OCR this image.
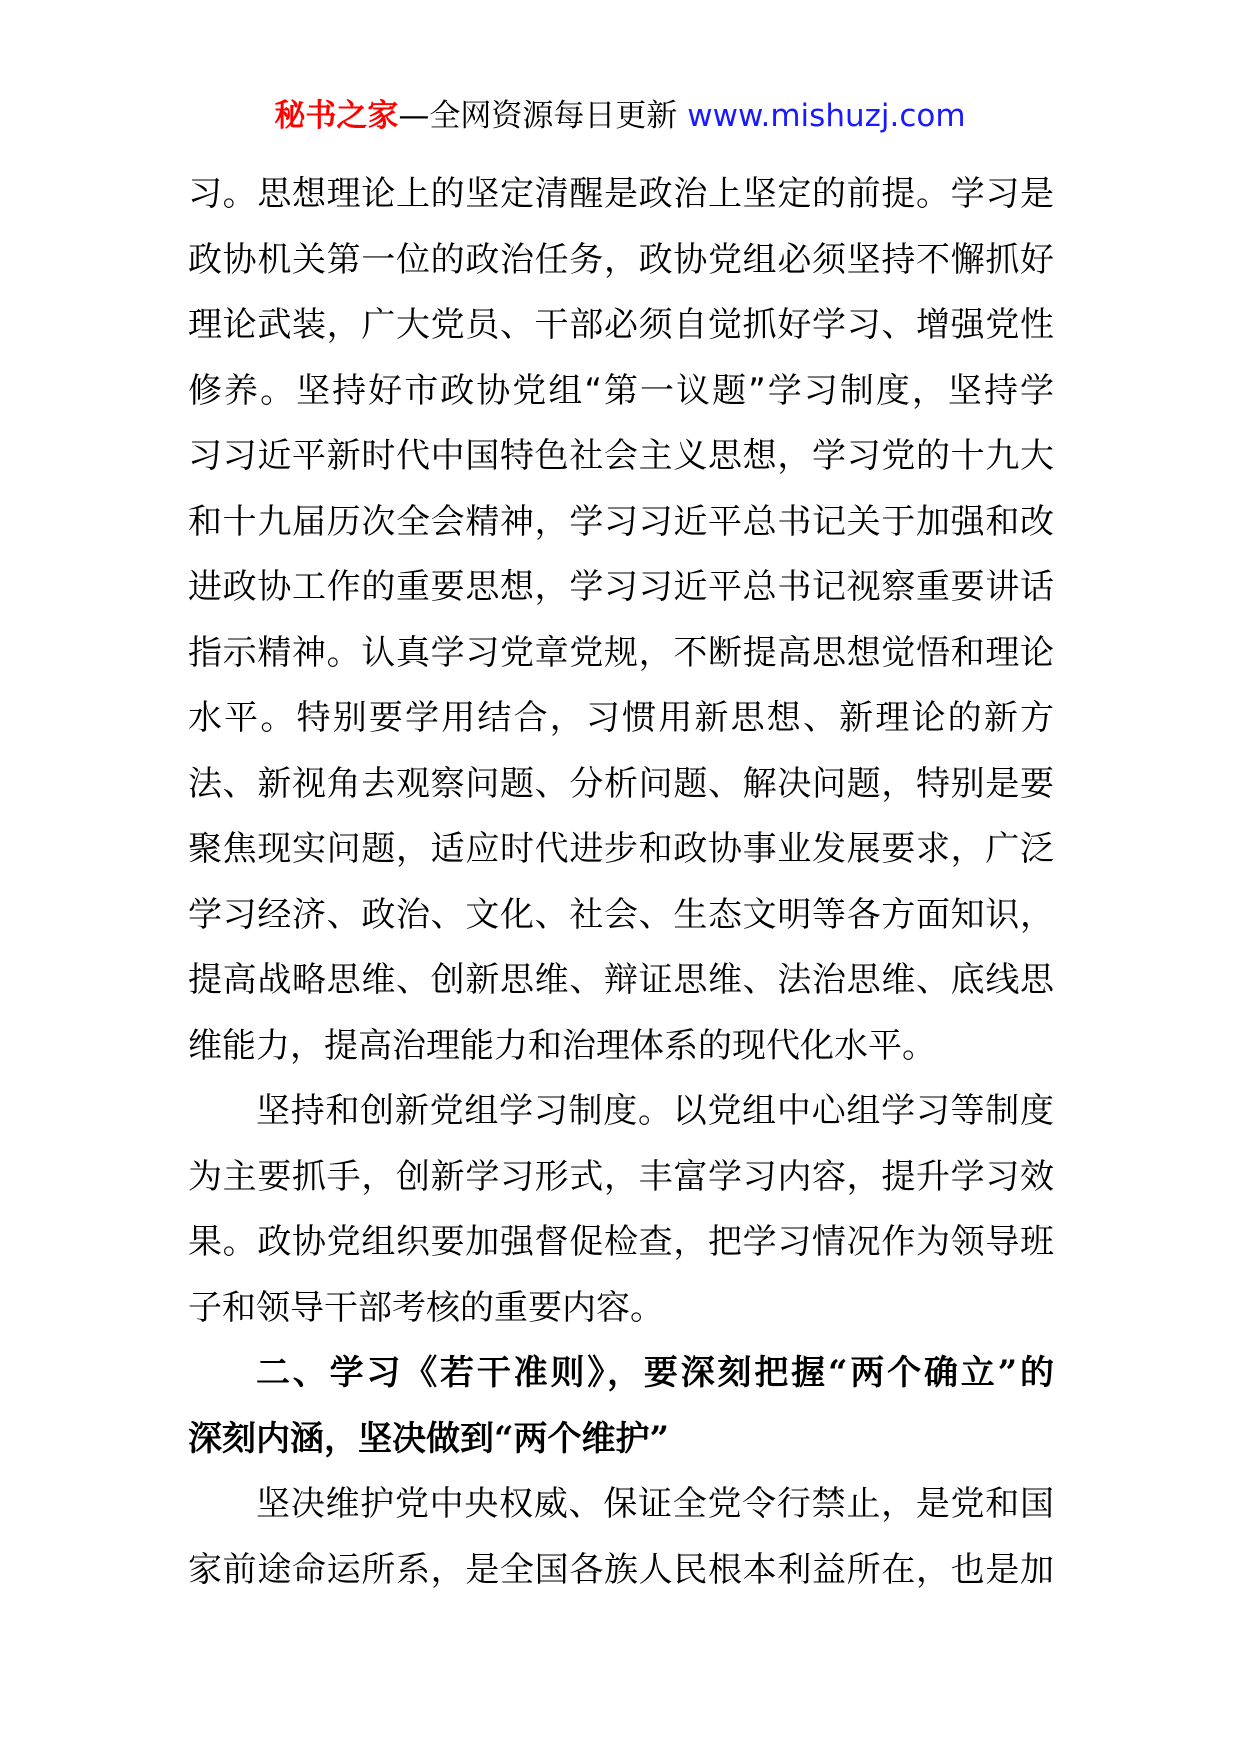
秘书之家—全网资源每日更新 www.mishuzj.com
习。思想理论上的坚定清醒是政治上坚定的前提。学习是
政协机关第一位的政治任务，政协党组必须坚持不懈抓好
理论武装，广大党员、干部必须自觉抓好学习、增强党性
修养。坚持好市政协党组“第一议题”学习制度，坚持学
习习近平新时代中国特色社会主义思想，学习党的十九大
和十九届历次全会精神，学习习近平总书记关于加强和改
进政协工作的重要思想，学习习近平总书记视察重要讲话
指示精神。认真学习党章党规，不断提高思想觉悟和理论
水平。特别要学用结合，习惯用新思想、新理论的新方
法、新视角去观察问题、分析问题、解决问题，特别是要
聚焦现实问题，适应时代进步和政协事业发展要求，广泛
学习经济、政治、文化、社会、生态文明等各方面知识，
提高战略思维、创新思维、辩证思维、法治思维、底线思
维能力，提高治理能力和治理体系的现代化水平。
坚持和创新党组学习制度。以党组中心组学习等制度
为主要抓手，创新学习形式，丰富学习内容，提升学习效
果。政协党组织要加强督促检查，把学习情况作为领导班
子和领导干部考核的重要内容。
二、学习《若干准则》，要深刻把握“两个确立”的
深刻内涵，坚决做到“两个维护”
坚决维护党中央权威、保证全党令行禁止，是党和国
家前途命运所系，是全国各族人民根本利益所在，也是加
